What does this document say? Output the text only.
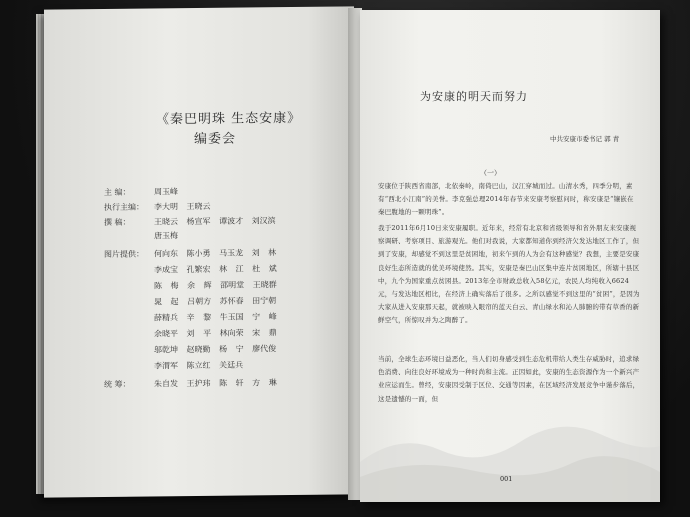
《秦巴明珠 生态安康》
编委会
主 编：	周玉峰
执行主编： 李大明 王晓云
撰 稿：	王晓云 杨宣军 谭波才 刘汉滨
唐玉梅
图片提供： 何向东 陈小勇 马玉龙 刘 林
李成宝 孔繁宏 林 江 杜 斌
陈 梅 余 辉 邵明堂 王晓群
晁 起 吕朝方 苏怀春 田宁朝
薛精兵 辛 黎 牛玉国 宁 峰
余晓平 刘 平 林向荣 宋 鼎
邬乾坤 赵晓勤 杨 宁 廖代俊
李渭军 陈立红 关廷兵
统 筹：	朱自发 王护玮 陈 轩 方 琳
为安康的明天而努力
中共安康市委书记 郭 青
（一）
安康位于陕西省南部，北依秦岭，南倚巴山，汉江穿城而过。山清水秀，四季分明，素有“西北小江南”的美誉。李克强总理2014年春节来安康考察慰问时，称安康是“镶嵌在秦巴腹地的一颗明珠”。
我于2011年6月10日来安康履职。近年来，经常有北京和省级领导和省外朋友来安康视察调研、考察项目、旅游观光。他们对我说，大家都知道你到经济欠发达地区工作了，但到了安康，却感觉不到这里是贫困地，初来乍到的人为会有这种感觉？我想，主要是安康良好生态所造就的优美环境使然。其实，安康是秦巴山区集中连片贫困地区，所辖十县区中，九个为国家重点贫困县。2013年全市财政总收入58亿元，农民人均纯收入6624元，与发达地区相比，在经济上确实落后了很多。之所以感觉不到这里的“贫困”，是因为大家从进入安康那天起，就被映入眼帘的蓝天白云、青山绿水和沁人肺腑的带有草香的新鲜空气，所惊叹并为之陶醉了。
当前，全球生态环境日益恶化，当人们切身感受到生态危机带给人类生存威胁时，追求绿色消费、向往良好环境成为一种时尚和主流。正因如此，安康的生态资源作为一个新兴产业应运而生。曾经，安康因受制于区位、交通等因素，在区域经济发展竞争中谨步落后，这是遗憾的一面，但
001
